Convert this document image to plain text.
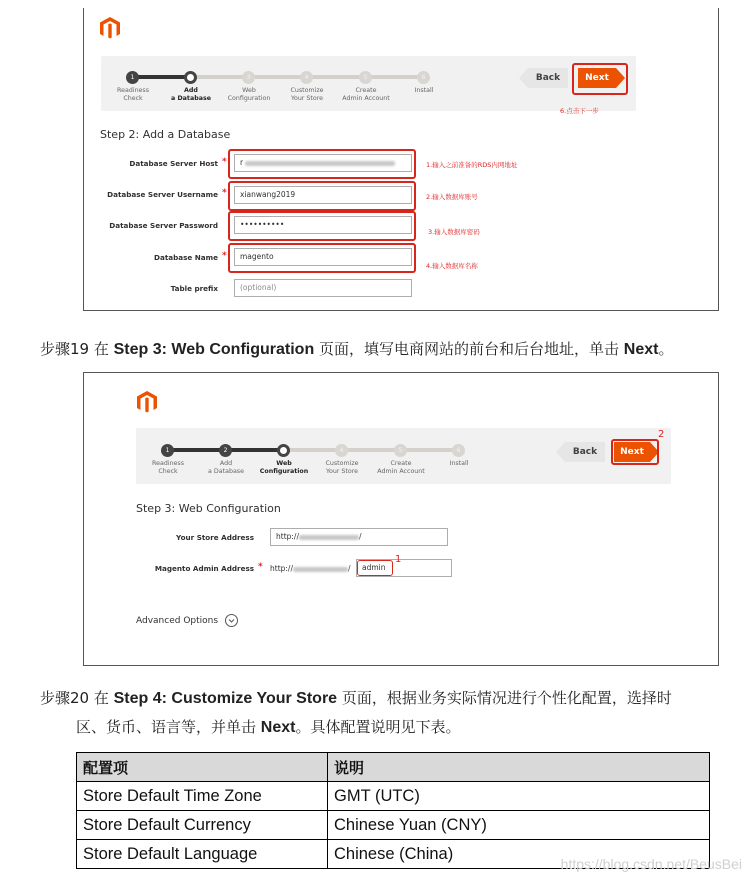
1	3	4	5	6
Readiness
Check
Add
a Database
Web
Configuration
Customize
Your Store
Create
Admin Account
Install
Back	Next
6.点击下一步
Step 2: Add a Database
Database Server Host *	r	1.输入之前准备的RDS内网地址
Database Server Username *	xianwang2019	2.输入数据库账号
Database Server Password	••••••••••
3.输入数据库密码
Database Name *	magento
4.输入数据库名称
Table prefix	(optional)
步骤19 在 Step 3: Web Configuration 页面，填写电商网站的前台和后台地址，单击 Next。
1	2	4	5	6
Readiness
Check
Add
a Database
Web
Configuration
Customize
Your Store
Create
Admin Account
Install
Back	Next
2
Step 3: Web Configuration
Your Store Address	http://	/
Magento Admin Address * http://	/	admin
1
Advanced Options
步骤20 在 Step 4: Customize Your Store 页面，根据业务实际情况进行个性化配置，选择时
区、货币、语言等，并单击 Next。具体配置说明见下表。
配置项	说明
Store Default Time Zone	GMT (UTC)
Store Default Currency	Chinese Yuan (CNY)
Store Default Language	Chinese (China)
https://blog.csdn.net/BeusBei
